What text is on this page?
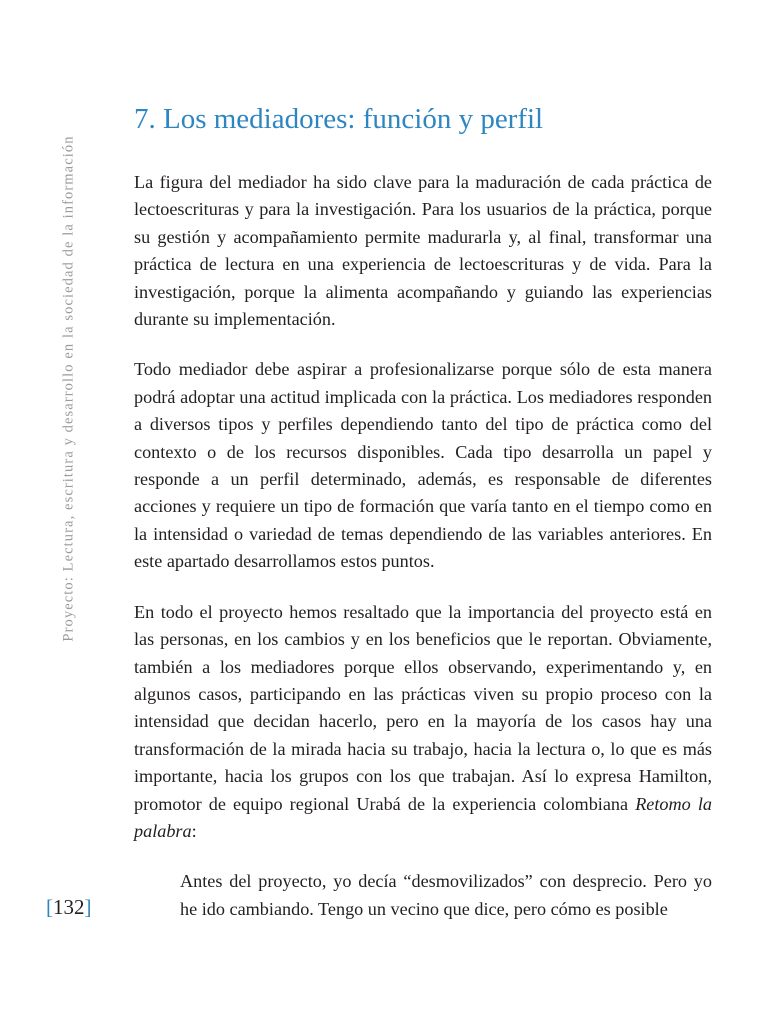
Proyecto: Lectura, escritura y desarrollo en la sociedad de la información
7. Los mediadores: función y perfil

La figura del mediador ha sido clave para la maduración de cada práctica de lectoescrituras y para la investigación. Para los usuarios de la práctica, porque su gestión y acompañamiento permite madurarla y, al final, transformar una práctica de lectura en una experiencia de lectoescrituras y de vida. Para la investigación, porque la alimenta acompañando y guiando las experiencias durante su implementación.

Todo mediador debe aspirar a profesionalizarse porque sólo de esta manera podrá adoptar una actitud implicada con la práctica. Los mediadores responden a diversos tipos y perfiles dependiendo tanto del tipo de práctica como del contexto o de los recursos disponibles. Cada tipo desarrolla un papel y responde a un perfil determinado, además, es responsable de diferentes acciones y requiere un tipo de formación que varía tanto en el tiempo como en la intensidad o variedad de temas dependiendo de las variables anteriores. En este apartado desarrollamos estos puntos.

En todo el proyecto hemos resaltado que la importancia del proyecto está en las personas, en los cambios y en los beneficios que le reportan. Obviamente, también a los mediadores porque ellos observando, experimentando y, en algunos casos, participando en las prácticas viven su propio proceso con la intensidad que decidan hacerlo, pero en la mayoría de los casos hay una transformación de la mirada hacia su trabajo, hacia la lectura o, lo que es más importante, hacia los grupos con los que trabajan. Así lo expresa Hamilton, promotor de equipo regional Urabá de la experiencia colombiana Retomo la palabra:

Antes del proyecto, yo decía “desmovilizados” con desprecio. Pero yo he ido cambiando. Tengo un vecino que dice, pero cómo es posible

[132]
